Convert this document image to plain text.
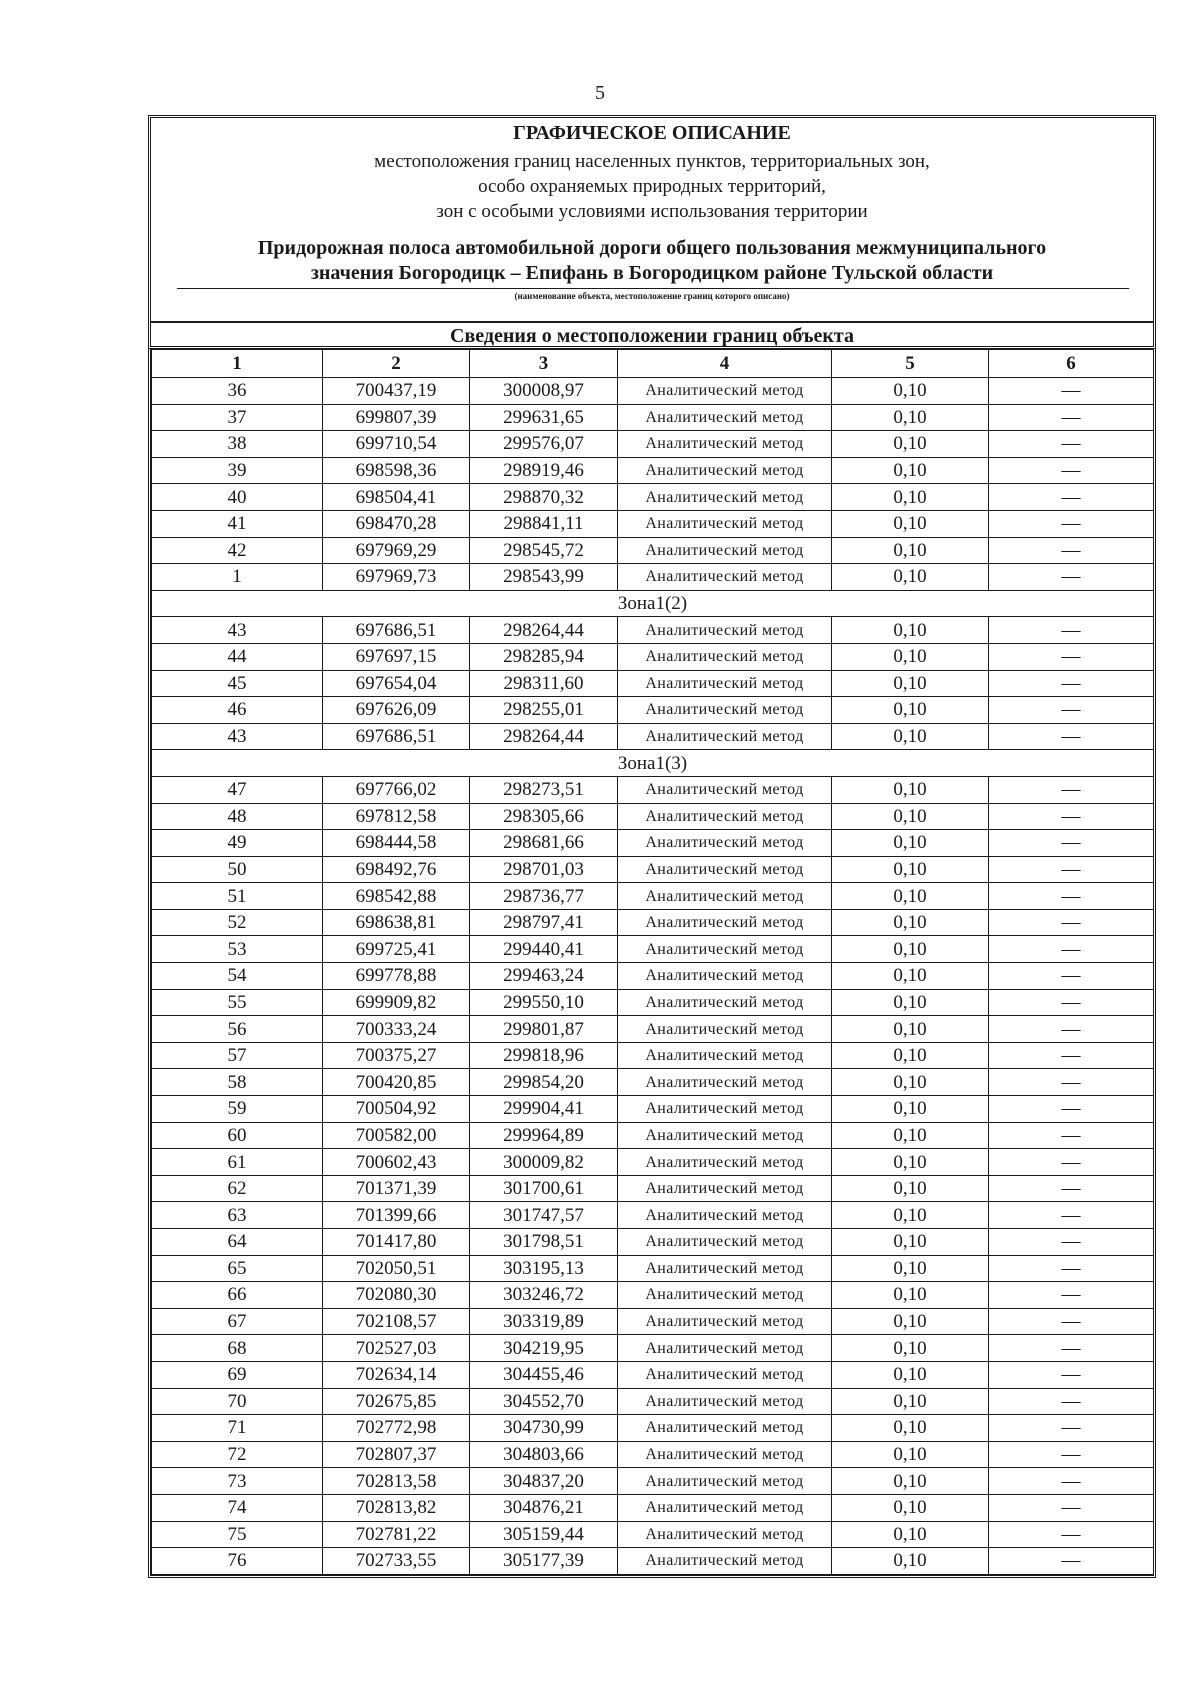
5
ГРАФИЧЕСКОЕ ОПИСАНИЕ
местоположения границ населенных пунктов, территориальных зон,
особо охраняемых природных территорий,
зон с особыми условиями использования территории
Придорожная полоса автомобильной дороги общего пользования межмуниципального
значения Богородицк – Епифань в Богородицком районе Тульской области
(наименование объекта, местоположение границ которого описано)
Сведения о местоположении границ объекта
1	2	3	4	5	6
36	700437,19	300008,97	Аналитический метод	0,10	—
37	699807,39	299631,65	Аналитический метод	0,10	—
38	699710,54	299576,07	Аналитический метод	0,10	—
39	698598,36	298919,46	Аналитический метод	0,10	—
40	698504,41	298870,32	Аналитический метод	0,10	—
41	698470,28	298841,11	Аналитический метод	0,10	—
42	697969,29	298545,72	Аналитический метод	0,10	—
1	697969,73	298543,99	Аналитический метод	0,10	—
Зона1(2)					
43	697686,51	298264,44	Аналитический метод	0,10	—
44	697697,15	298285,94	Аналитический метод	0,10	—
45	697654,04	298311,60	Аналитический метод	0,10	—
46	697626,09	298255,01	Аналитический метод	0,10	—
43	697686,51	298264,44	Аналитический метод	0,10	—
Зона1(3)					
47	697766,02	298273,51	Аналитический метод	0,10	—
48	697812,58	298305,66	Аналитический метод	0,10	—
49	698444,58	298681,66	Аналитический метод	0,10	—
50	698492,76	298701,03	Аналитический метод	0,10	—
51	698542,88	298736,77	Аналитический метод	0,10	—
52	698638,81	298797,41	Аналитический метод	0,10	—
53	699725,41	299440,41	Аналитический метод	0,10	—
54	699778,88	299463,24	Аналитический метод	0,10	—
55	699909,82	299550,10	Аналитический метод	0,10	—
56	700333,24	299801,87	Аналитический метод	0,10	—
57	700375,27	299818,96	Аналитический метод	0,10	—
58	700420,85	299854,20	Аналитический метод	0,10	—
59	700504,92	299904,41	Аналитический метод	0,10	—
60	700582,00	299964,89	Аналитический метод	0,10	—
61	700602,43	300009,82	Аналитический метод	0,10	—
62	701371,39	301700,61	Аналитический метод	0,10	—
63	701399,66	301747,57	Аналитический метод	0,10	—
64	701417,80	301798,51	Аналитический метод	0,10	—
65	702050,51	303195,13	Аналитический метод	0,10	—
66	702080,30	303246,72	Аналитический метод	0,10	—
67	702108,57	303319,89	Аналитический метод	0,10	—
68	702527,03	304219,95	Аналитический метод	0,10	—
69	702634,14	304455,46	Аналитический метод	0,10	—
70	702675,85	304552,70	Аналитический метод	0,10	—
71	702772,98	304730,99	Аналитический метод	0,10	—
72	702807,37	304803,66	Аналитический метод	0,10	—
73	702813,58	304837,20	Аналитический метод	0,10	—
74	702813,82	304876,21	Аналитический метод	0,10	—
75	702781,22	305159,44	Аналитический метод	0,10	—
76	702733,55	305177,39	Аналитический метод	0,10	—
